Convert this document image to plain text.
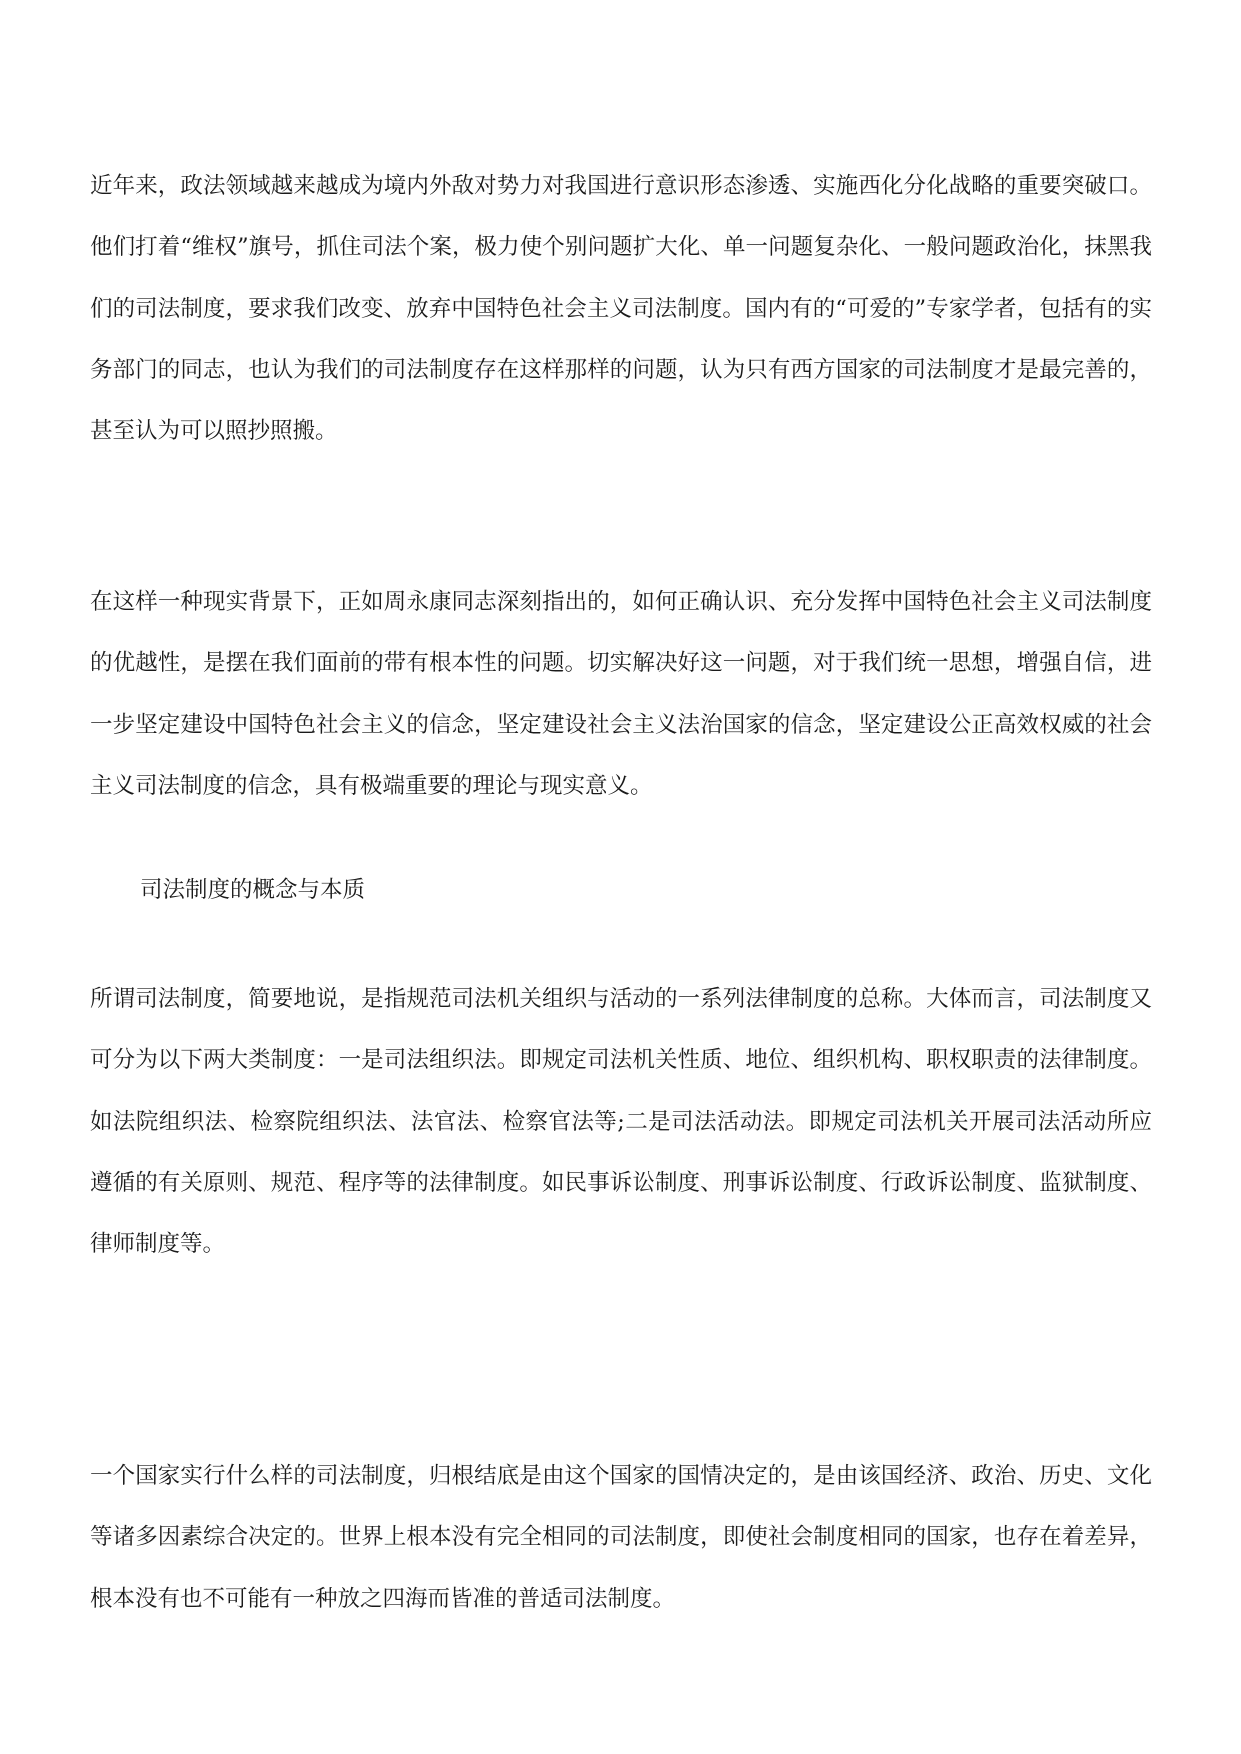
近年来，政法领域越来越成为境内外敌对势力对我国进行意识形态渗透、实施西化分化战略的重要突破口。他们打着“维权”旗号，抓住司法个案，极力使个别问题扩大化、单一问题复杂化、一般问题政治化，抹黑我们的司法制度，要求我们改变、放弃中国特色社会主义司法制度。国内有的“可爱的”专家学者，包括有的实务部门的同志，也认为我们的司法制度存在这样那样的问题，认为只有西方国家的司法制度才是最完善的，甚至认为可以照抄照搬。

在这样一种现实背景下，正如周永康同志深刻指出的，如何正确认识、充分发挥中国特色社会主义司法制度的优越性，是摆在我们面前的带有根本性的问题。切实解决好这一问题，对于我们统一思想，增强自信，进一步坚定建设中国特色社会主义的信念，坚定建设社会主义法治国家的信念，坚定建设公正高效权威的社会主义司法制度的信念，具有极端重要的理论与现实意义。

司法制度的概念与本质

所谓司法制度，简要地说，是指规范司法机关组织与活动的一系列法律制度的总称。大体而言，司法制度又可分为以下两大类制度：一是司法组织法。即规定司法机关性质、地位、组织机构、职权职责的法律制度。如法院组织法、检察院组织法、法官法、检察官法等;二是司法活动法。即规定司法机关开展司法活动所应遵循的有关原则、规范、程序等的法律制度。如民事诉讼制度、刑事诉讼制度、行政诉讼制度、监狱制度、律师制度等。

一个国家实行什么样的司法制度，归根结底是由这个国家的国情决定的，是由该国经济、政治、历史、文化等诸多因素综合决定的。世界上根本没有完全相同的司法制度，即使社会制度相同的国家，也存在着差异，根本没有也不可能有一种放之四海而皆准的普适司法制度。
